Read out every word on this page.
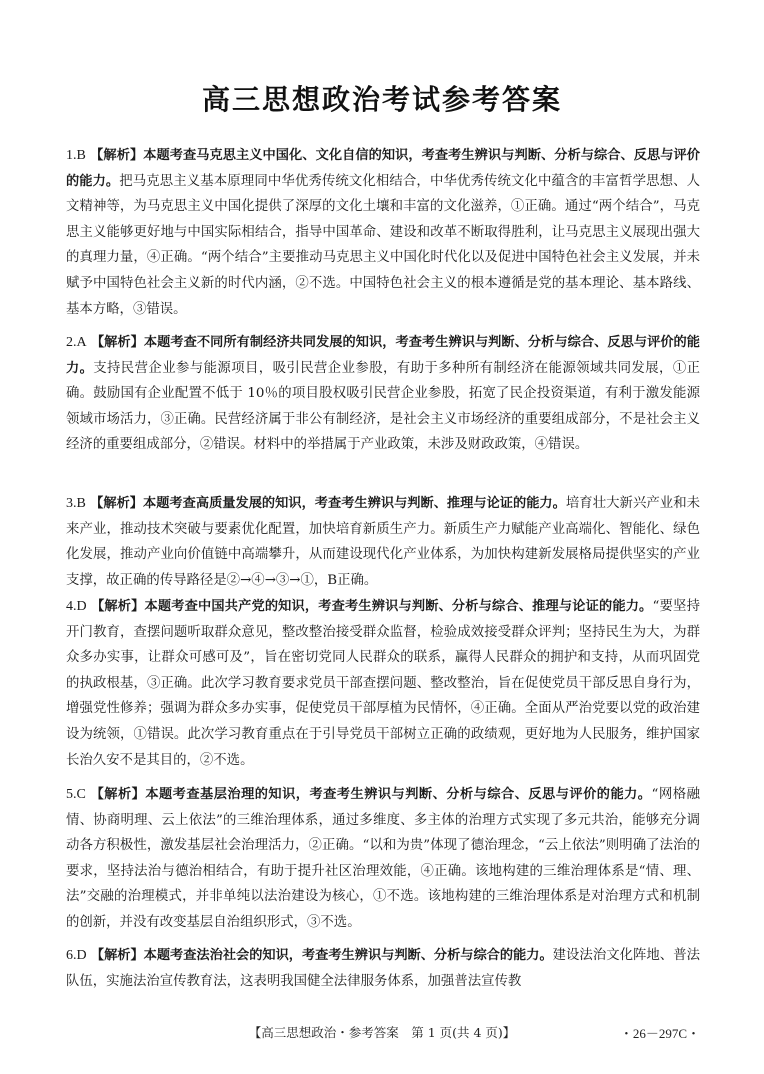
高三思想政治考试参考答案
1.B 【解析】本题考查马克思主义中国化、文化自信的知识，考查考生辨识与判断、分析与综合、反思与评价的能力。把马克思主义基本原理同中华优秀传统文化相结合，中华优秀传统文化中蕴含的丰富哲学思想、人文精神等，为马克思主义中国化提供了深厚的文化土壤和丰富的文化滋养，①正确。通过“两个结合”，马克思主义能够更好地与中国实际相结合，指导中国革命、建设和改革不断取得胜利，让马克思主义展现出强大的真理力量，④正确。“两个结合”主要推动马克思主义中国化时代化以及促进中国特色社会主义发展，并未赋予中国特色社会主义新的时代内涵，②不选。中国特色社会主义的根本遵循是党的基本理论、基本路线、基本方略，③错误。
2.A 【解析】本题考查不同所有制经济共同发展的知识，考查考生辨识与判断、分析与综合、反思与评价的能力。支持民营企业参与能源项目，吸引民营企业参股，有助于多种所有制经济在能源领域共同发展，①正确。鼓励国有企业配置不低于 10％的项目股权吸引民营企业参股，拓宽了民企投资渠道，有利于激发能源领域市场活力，③正确。民营经济属于非公有制经济，是社会主义市场经济的重要组成部分，不是社会主义经济的重要组成部分，②错误。材料中的举措属于产业政策，未涉及财政政策，④错误。
3.B 【解析】本题考查高质量发展的知识，考查考生辨识与判断、推理与论证的能力。培育壮大新兴产业和未来产业，推动技术突破与要素优化配置，加快培育新质生产力。新质生产力赋能产业高端化、智能化、绿色化发展，推动产业向价值链中高端攀升，从而建设现代化产业体系，为加快构建新发展格局提供坚实的产业支撑，故正确的传导路径是②→④→③→①，B正确。
4.D 【解析】本题考查中国共产党的知识，考查考生辨识与判断、分析与综合、推理与论证的能力。“要坚持开门教育，查摆问题听取群众意见，整改整治接受群众监督，检验成效接受群众评判；坚持民生为大，为群众多办实事，让群众可感可及”，旨在密切党同人民群众的联系，赢得人民群众的拥护和支持，从而巩固党的执政根基，③正确。此次学习教育要求党员干部查摆问题、整改整治，旨在促使党员干部反思自身行为，增强党性修养；强调为群众多办实事，促使党员干部厚植为民情怀，④正确。全面从严治党要以党的政治建设为统领，①错误。此次学习教育重点在于引导党员干部树立正确的政绩观，更好地为人民服务，维护国家长治久安不是其目的，②不选。
5.C 【解析】本题考查基层治理的知识，考查考生辨识与判断、分析与综合、反思与评价的能力。“网格融情、协商明理、云上依法”的三维治理体系，通过多维度、多主体的治理方式实现了多元共治，能够充分调动各方积极性，激发基层社会治理活力，②正确。“以和为贵”体现了德治理念，“云上依法”则明确了法治的要求，坚持法治与德治相结合，有助于提升社区治理效能，④正确。该地构建的三维治理体系是“情、理、法”交融的治理模式，并非单纯以法治建设为核心，①不选。该地构建的三维治理体系是对治理方式和机制的创新，并没有改变基层自治组织形式，③不选。
6.D 【解析】本题考查法治社会的知识，考查考生辨识与判断、分析与综合的能力。建设法治文化阵地、普法队伍，实施法治宣传教育法，这表明我国健全法律服务体系，加强普法宣传教
【高三思想政治・参考答案　第 1 页(共 4 页)】	・26－297C・
